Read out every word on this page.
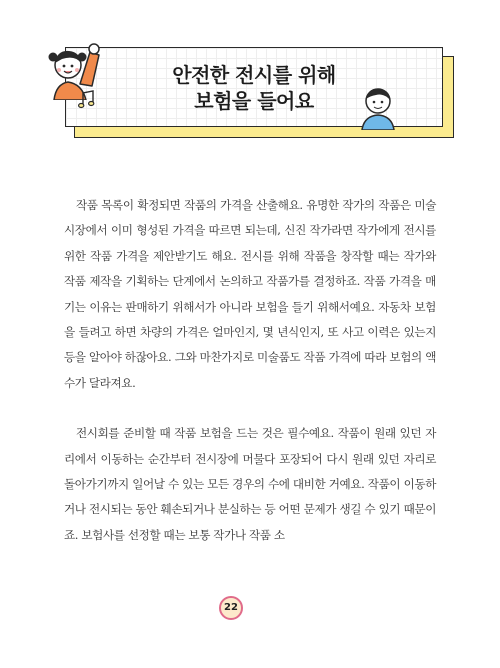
안전한 전시를 위해
보험을 들어요

작품 목록이 확정되면 작품의 가격을 산출해요. 유명한 작가의 작품은 미술시장에서 이미 형성된 가격을 따르면 되는데, 신진 작가라면 작가에게 전시를 위한 작품 가격을 제안받기도 해요. 전시를 위해 작품을 창작할 때는 작가와 작품 제작을 기획하는 단계에서 논의하고 작품가를 결정하죠. 작품 가격을 매기는 이유는 판매하기 위해서가 아니라 보험을 들기 위해서예요. 자동차 보험을 들려고 하면 차량의 가격은 얼마인지, 몇 년식인지, 또 사고 이력은 있는지 등을 알아야 하잖아요. 그와 마찬가지로 미술품도 작품 가격에 따라 보험의 액수가 달라져요.

전시회를 준비할 때 작품 보험을 드는 것은 필수예요. 작품이 원래 있던 자리에서 이동하는 순간부터 전시장에 머물다 포장되어 다시 원래 있던 자리로 돌아가기까지 일어날 수 있는 모든 경우의 수에 대비한 거예요. 작품이 이동하거나 전시되는 동안 훼손되거나 분실하는 등 어떤 문제가 생길 수 있기 때문이죠. 보험사를 선정할 때는 보통 작가나 작품 소

22
